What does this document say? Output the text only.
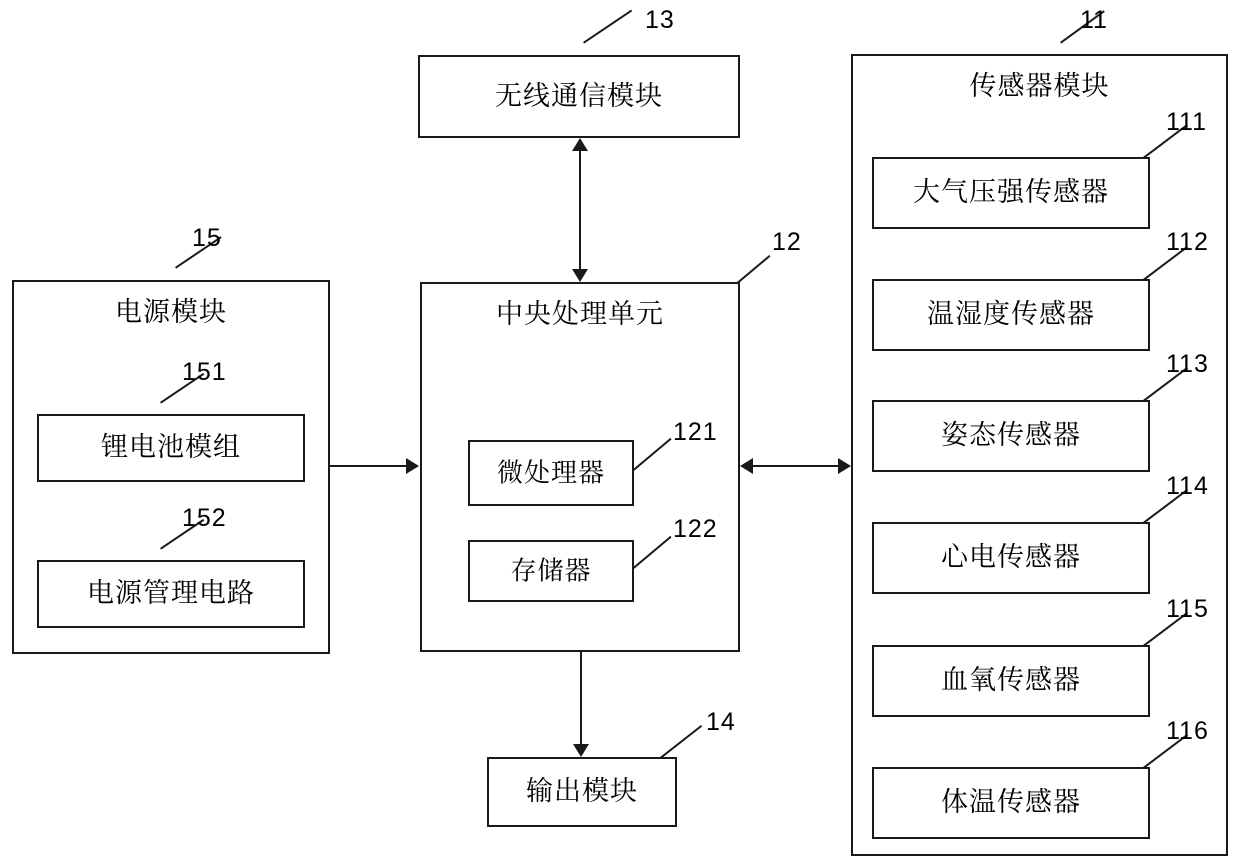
无线通信模块
13
电源模块
15
锂电池模组
151
电源管理电路
152
中央处理单元
12
微处理器
121
存储器
122
输出模块
14
传感器模块
11
大气压强传感器
111
温湿度传感器
112
姿态传感器
113
心电传感器
114
血氧传感器
115
体温传感器
116
